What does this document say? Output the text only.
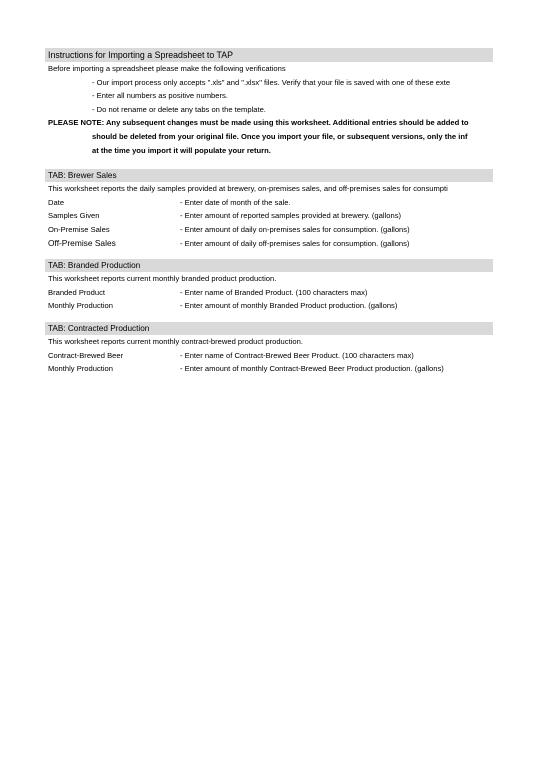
Instructions for Importing a Spreadsheet to TAP
Before importing a spreadsheet please make the following verifications
- Our import process only accepts ".xls" and ".xlsx" files. Verify that your file is saved with one of these exte
- Enter all numbers as positive numbers.
- Do not rename or delete any tabs on the template.
PLEASE NOTE: Any subsequent changes must be made using this worksheet. Additional entries should be added to
should be deleted from your original file. Once you import your file, or subsequent versions, only the inf
at the time you import it will populate your return.
TAB: Brewer Sales
This worksheet reports the daily samples provided at brewery, on-premises sales, and off-premises sales for consumpti
Date	- Enter date of month of the sale.
Samples Given	- Enter amount of reported samples provided at brewery. (gallons)
On-Premise Sales	- Enter amount of daily on-premises sales for consumption. (gallons)
Off-Premise Sales	- Enter amount of daily off-premises sales for consumption. (gallons)
TAB: Branded Production
This worksheet reports current monthly branded product production.
Branded Product	- Enter name of Branded Product. (100 characters max)
Monthly Production	- Enter amount of monthly Branded Product production. (gallons)
TAB: Contracted Production
This worksheet reports current monthly contract-brewed product production.
Contract-Brewed Beer	- Enter name of Contract-Brewed Beer Product. (100 characters max)
Monthly Production	- Enter amount of monthly Contract-Brewed Beer Product production. (gallons)
